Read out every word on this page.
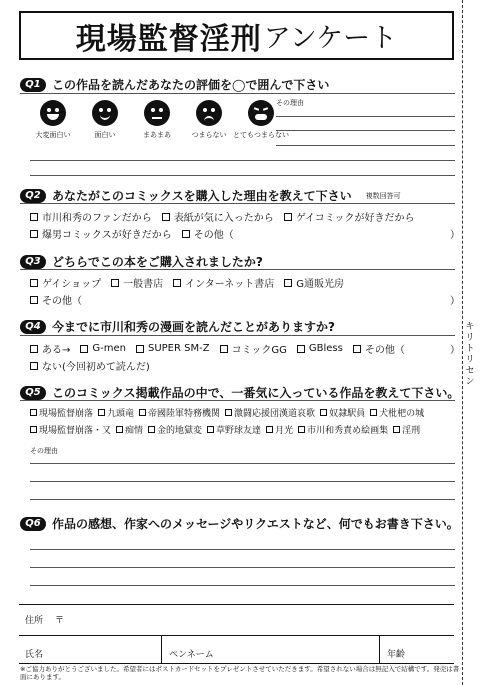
現場監督淫刑 アンケート
キリトリセン
Q1 この作品を読んだあなたの評価を◯で囲んで下さい
大変面白い	面白い	まあまあ	つまらない とてもつまらない
その理由
Q2 あなたがこのコミックスを購入した理由を教えて下さい 複数回答可
市川和秀のファンだから 表紙が気に入ったから ゲイコミックが好きだから
爆男コミックスが好きだから その他（	）
Q3 どちらでこの本をご購入されましたか?
ゲイショップ 一般書店 インターネット書店 G通販光房
その他（	）
Q4 今までに市川和秀の漫画を読んだことがありますか?
ある→ G-men SUPER SM-Z コミックGG GBless その他（	）
ない(今回初めて読んだ)
Q5 このコミックス掲載作品の中で、一番気に入っている作品を教えて下さい。
現場監督崩落 九頭竜 帝國陸軍特務機関 激闘応援団漢道哀歌 奴隷駅員 犬枇杷の城
現場監督崩落・又 痴情 金的地獄変 草野球友達 月光 市川和秀責め絵画集 淫刑
その理由
Q6 作品の感想、作家へのメッセージやリクエストなど、何でもお書き下さい。
住所 〒
氏名	ペンネーム	年齢
※ご協力ありがとうございました。希望者にはポストカードセットをプレゼントさせていただきます。希望されない場合は無記入で結構です。発売は書面にあります。
